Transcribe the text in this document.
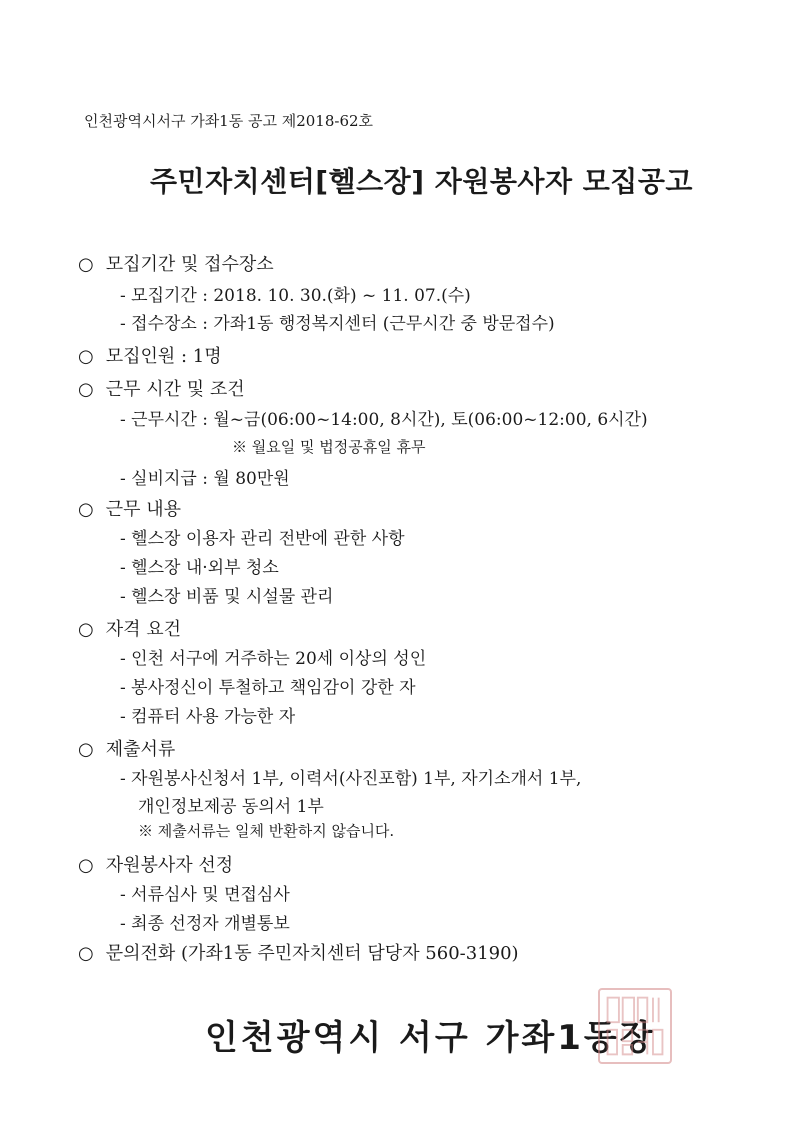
인천광역시서구 가좌1동 공고 제2018-62호
주민자치센터[헬스장] 자원봉사자 모집공고
○ 모집기간 및 접수장소
- 모집기간 : 2018. 10. 30.(화) ~ 11. 07.(수)
- 접수장소 : 가좌1동 행정복지센터 (근무시간 중 방문접수)
○ 모집인원 : 1명
○ 근무 시간 및 조건
- 근무시간 : 월~금(06:00~14:00, 8시간), 토(06:00~12:00, 6시간)
※ 월요일 및 법정공휴일 휴무
- 실비지급 : 월 80만원
○ 근무 내용
- 헬스장 이용자 관리 전반에 관한 사항
- 헬스장 내·외부 청소
- 헬스장 비품 및 시설물 관리
○ 자격 요건
- 인천 서구에 거주하는 20세 이상의 성인
- 봉사정신이 투철하고 책임감이 강한 자
- 컴퓨터 사용 가능한 자
○ 제출서류
- 자원봉사신청서 1부, 이력서(사진포함) 1부, 자기소개서 1부,
개인정보제공 동의서 1부
※ 제출서류는 일체 반환하지 않습니다.
○ 자원봉사자 선정
- 서류심사 및 면접심사
- 최종 선정자 개별통보
○ 문의전화 (가좌1동 주민자치센터 담당자 560-3190)
인천광역시 서구 가좌1동장
